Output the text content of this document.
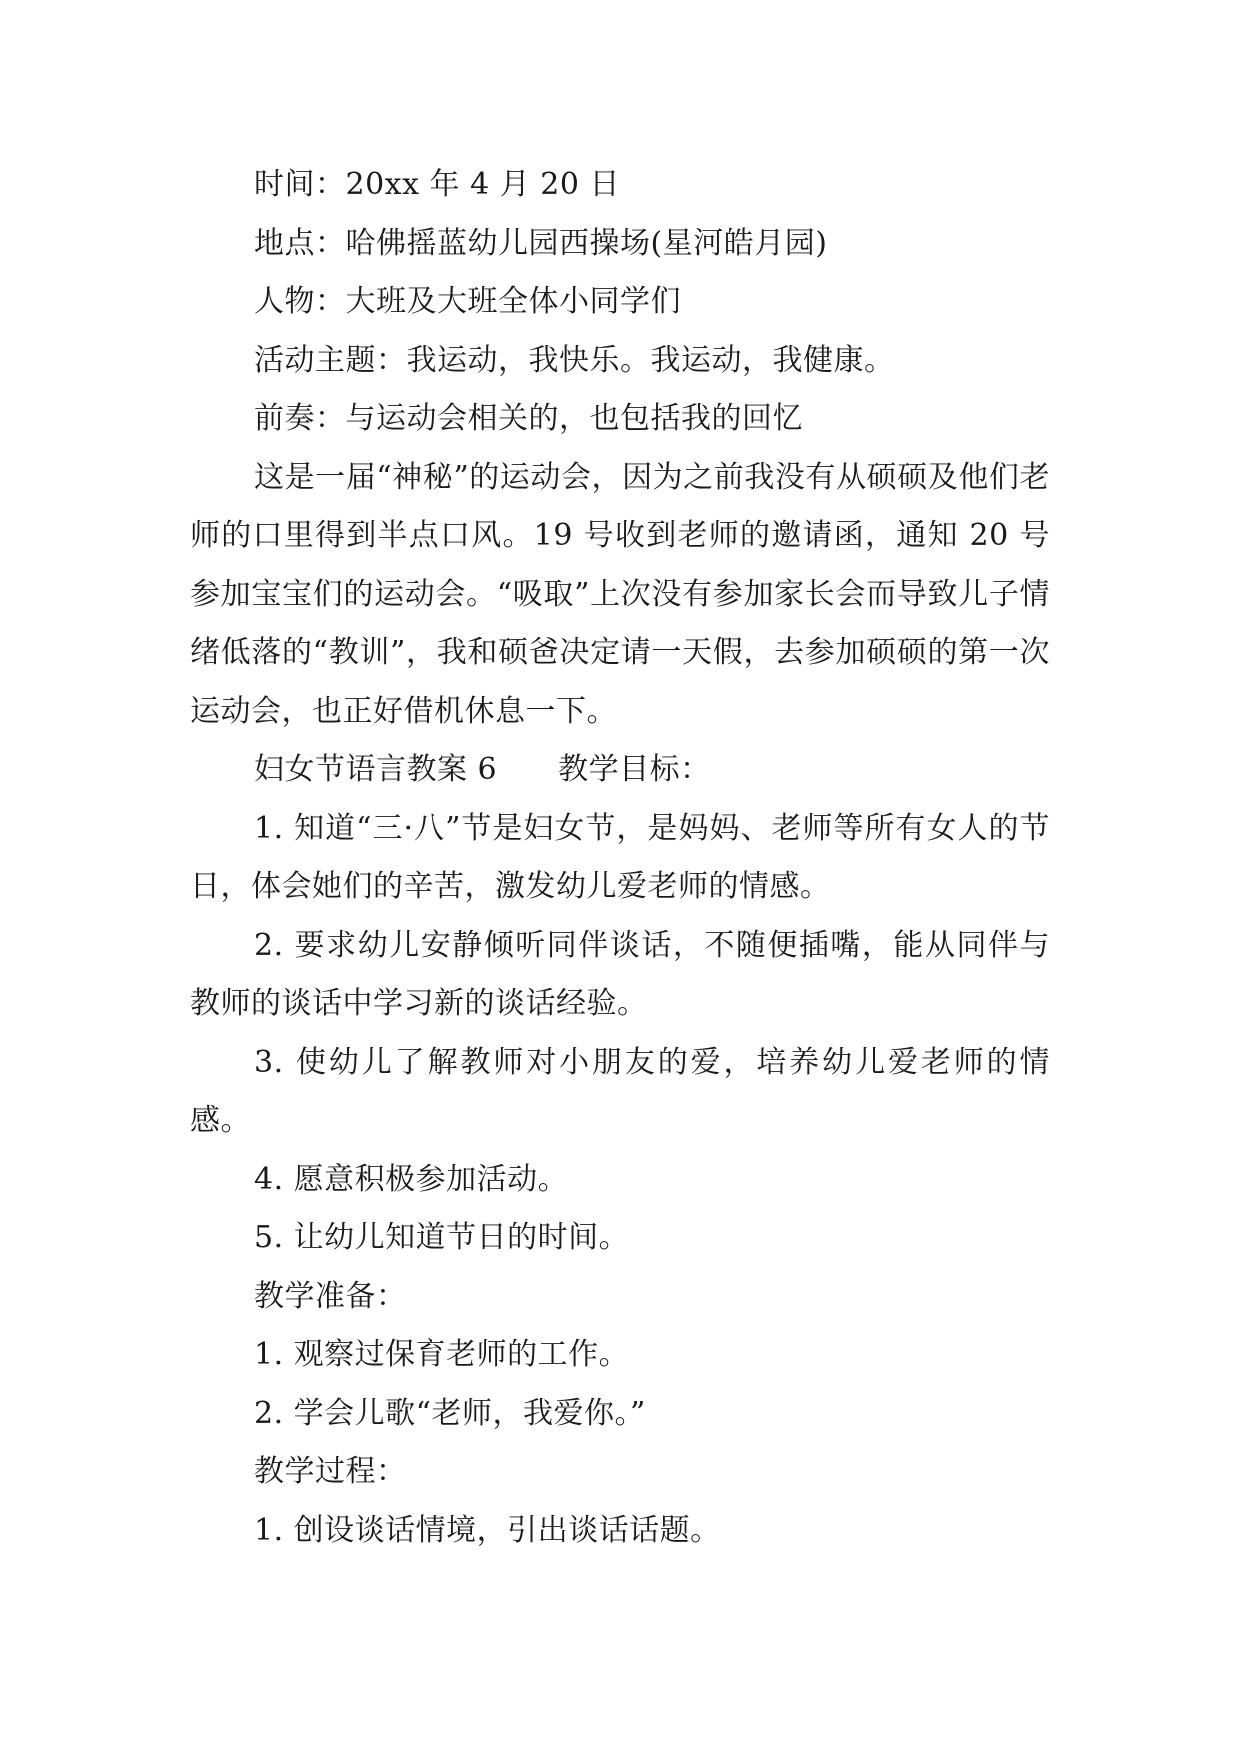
时间：20xx 年 4 月 20 日

地点：哈佛摇蓝幼儿园西操场(星河皓月园)

人物：大班及大班全体小同学们

活动主题：我运动，我快乐。我运动，我健康。

前奏：与运动会相关的，也包括我的回忆

这是一届“神秘”的运动会，因为之前我没有从硕硕及他们老师的口里得到半点口风。19 号收到老师的邀请函，通知 20 号参加宝宝们的运动会。“吸取”上次没有参加家长会而导致儿子情绪低落的“教训”，我和硕爸决定请一天假，去参加硕硕的第一次运动会，也正好借机休息一下。

妇女节语言教案 6　　教学目标：

1. 知道“三·八”节是妇女节，是妈妈、老师等所有女人的节日，体会她们的辛苦，激发幼儿爱老师的情感。

2. 要求幼儿安静倾听同伴谈话，不随便插嘴，能从同伴与教师的谈话中学习新的谈话经验。

3. 使幼儿了解教师对小朋友的爱，培养幼儿爱老师的情感。

4. 愿意积极参加活动。

5. 让幼儿知道节日的时间。

教学准备：

1. 观察过保育老师的工作。

2. 学会儿歌“老师，我爱你。”

教学过程：

1. 创设谈话情境，引出谈话话题。
